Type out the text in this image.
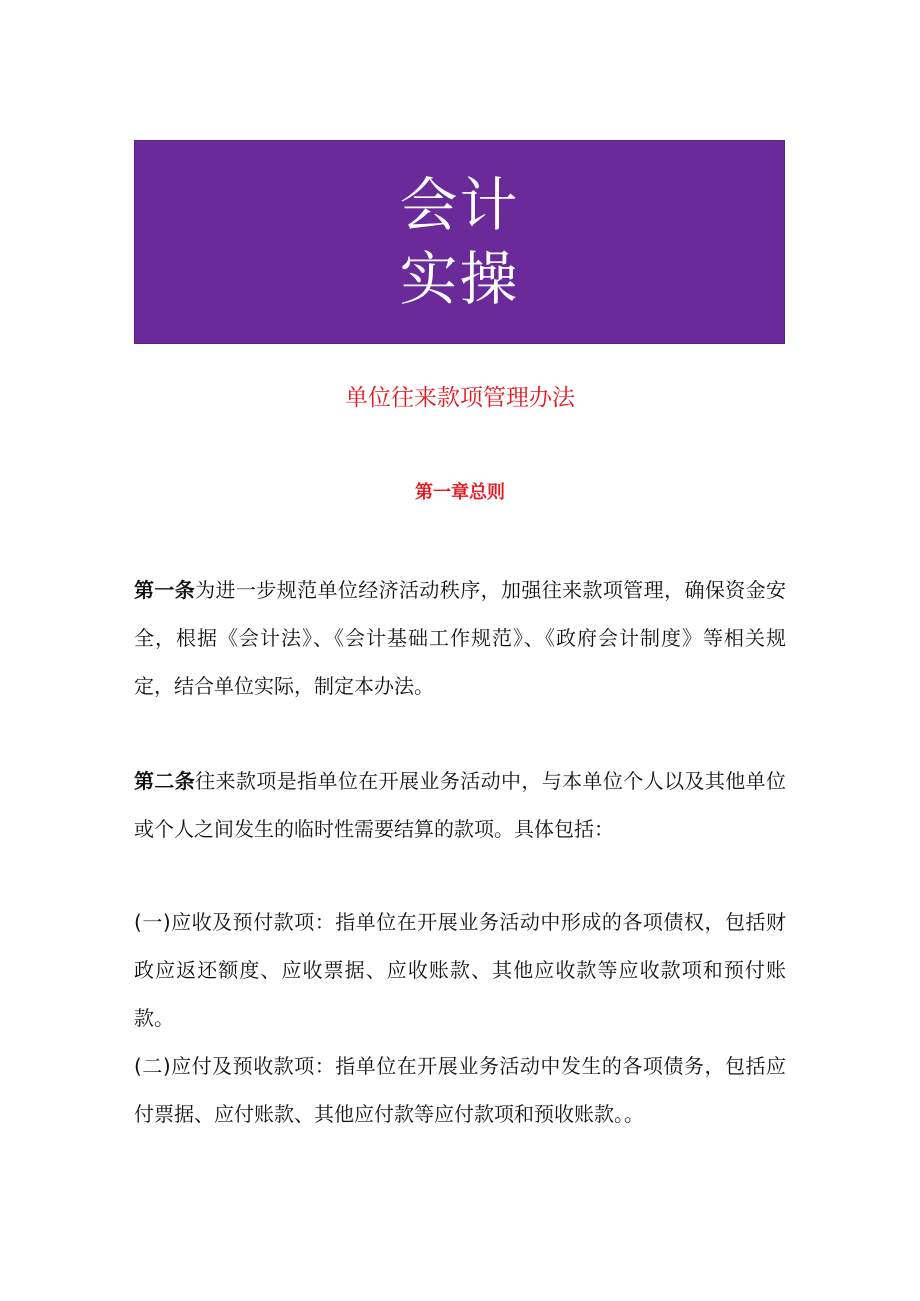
会计
实操
单位往来款项管理办法
第一章总则

第一条为进一步规范单位经济活动秩序，加强往来款项管理，确保资金安全，根据《会计法》、《会计基础工作规范》、《政府会计制度》等相关规定，结合单位实际，制定本办法。

第二条往来款项是指单位在开展业务活动中，与本单位个人以及其他单位或个人之间发生的临时性需要结算的款项。具体包括：

(一)应收及预付款项：指单位在开展业务活动中形成的各项债权，包括财政应返还额度、应收票据、应收账款、其他应收款等应收款项和预付账款。

(二)应付及预收款项：指单位在开展业务活动中发生的各项债务，包括应付票据、应付账款、其他应付款等应付款项和预收账款。。
